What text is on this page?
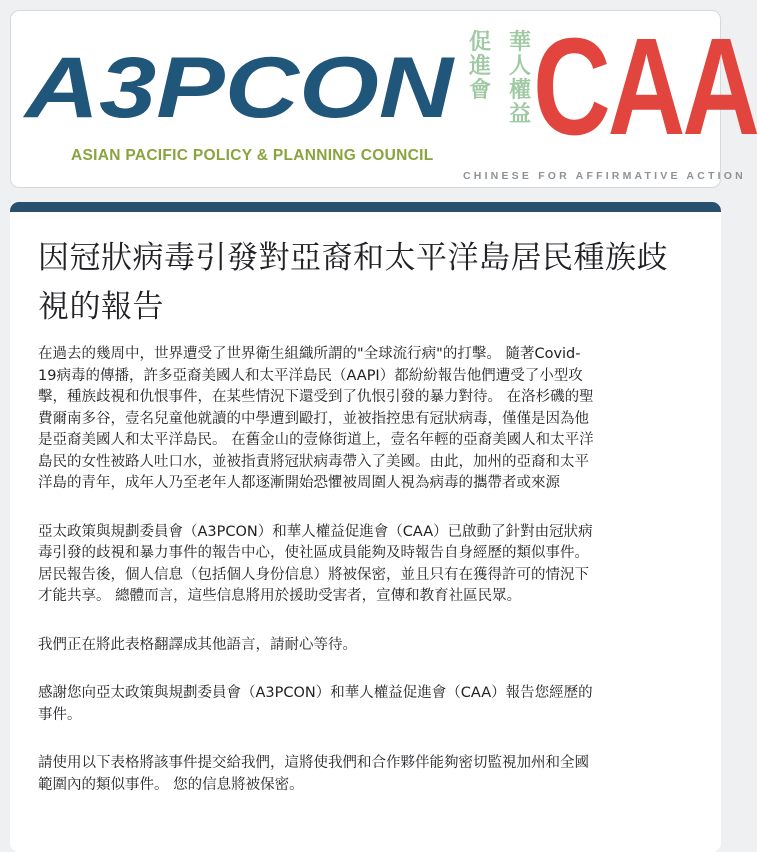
A3PCON
ASIAN PACIFIC POLICY & PLANNING COUNCIL
促
進
會
華
人
權
益 CAA
CHINESE FOR AFFIRMATIVE ACTION
因冠狀病毒引發對亞裔和太平洋島居民種族歧視的報告

在過去的幾周中，世界遭受了世界衛生組織所謂的"全球流行病"的打擊。 隨著Covid-19病毒的傳播，許多亞裔美國人和太平洋島民（AAPI）都紛紛報告他們遭受了小型攻擊，種族歧視和仇恨事件，在某些情況下還受到了仇恨引發的暴力對待。 在洛杉磯的聖費爾南多谷，壹名兒童他就讀的中學遭到毆打，並被指控患有冠狀病毒，僅僅是因為他是亞裔美國人和太平洋島民。 在舊金山的壹條街道上，壹名年輕的亞裔美國人和太平洋島民的女性被路人吐口水，並被指責將冠狀病毒帶入了美國。由此，加州的亞裔和太平洋島的青年，成年人乃至老年人都逐漸開始恐懼被周圍人視為病毒的攜帶者或來源

亞太政策與規劃委員會（A3PCON）和華人權益促進會（CAA）已啟動了針對由冠狀病毒引發的歧視和暴力事件的報告中心，使社區成員能夠及時報告自身經歷的類似事件。居民報告後，個人信息（包括個人身份信息）將被保密，並且只有在獲得許可的情況下才能共享。 總體而言，這些信息將用於援助受害者，宣傳和教育社區民眾。

我們正在將此表格翻譯成其他語言，請耐心等待。

感謝您向亞太政策與規劃委員會（A3PCON）和華人權益促進會（CAA）報告您經歷的事件。

請使用以下表格將該事件提交給我們，這將使我們和合作夥伴能夠密切監視加州和全國範圍內的類似事件。 您的信息將被保密。
